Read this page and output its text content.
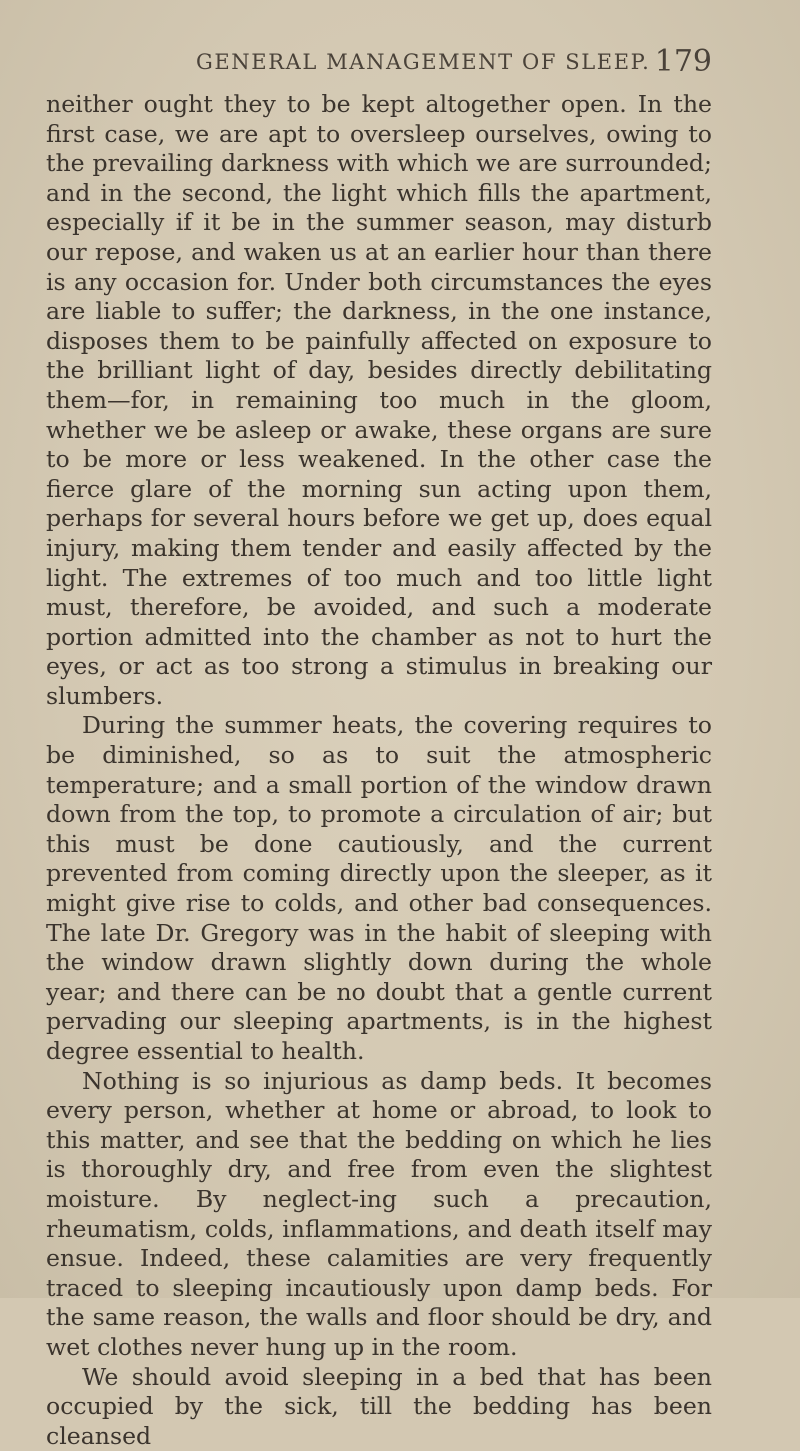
GENERAL MANAGEMENT OF SLEEP. 179

neither ought they to be kept altogether open. In the first case, we are apt to oversleep ourselves, owing to the prevailing darkness with which we are surrounded; and in the second, the light which fills the apartment, especially if it be in the summer season, may disturb our repose, and waken us at an earlier hour than there is any occasion for. Under both circumstances the eyes are liable to suffer; the darkness, in the one instance, disposes them to be painfully affected on exposure to the brilliant light of day, besides directly debilitating them—for, in remaining too much in the gloom, whether we be asleep or awake, these organs are sure to be more or less weakened. In the other case the fierce glare of the morning sun acting upon them, perhaps for several hours before we get up, does equal injury, making them tender and easily affected by the light. The extremes of too much and too little light must, therefore, be avoided, and such a moderate portion admitted into the chamber as not to hurt the eyes, or act as too strong a stimulus in breaking our slumbers.

During the summer heats, the covering requires to be diminished, so as to suit the atmospheric temperature; and a small portion of the window drawn down from the top, to promote a circulation of air; but this must be done cautiously, and the current prevented from coming directly upon the sleeper, as it might give rise to colds, and other bad consequences. The late Dr. Gregory was in the habit of sleeping with the window drawn slightly down during the whole year; and there can be no doubt that a gentle current pervading our sleeping apartments, is in the highest degree essential to health.

Nothing is so injurious as damp beds. It becomes every person, whether at home or abroad, to look to this matter, and see that the bedding on which he lies is thoroughly dry, and free from even the slightest moisture. By neglect-ing such a precaution, rheumatism, colds, inflammations, and death itself may ensue. Indeed, these calamities are very frequently traced to sleeping incautiously upon damp beds. For the same reason, the walls and floor should be dry, and wet clothes never hung up in the room.

We should avoid sleeping in a bed that has been occupied by the sick, till the bedding has been cleansed
